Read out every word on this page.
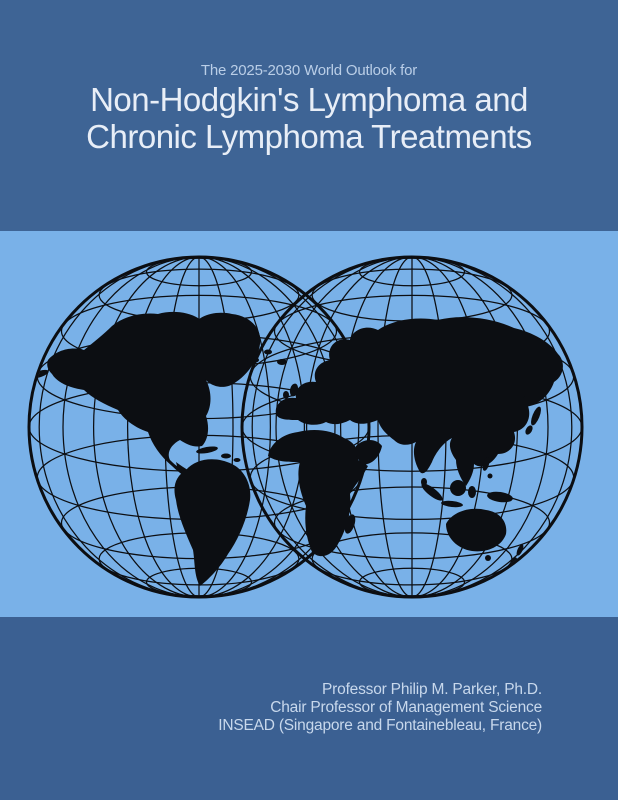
The 2025-2030 World Outlook for
Non-Hodgkin's Lymphoma and
Chronic Lymphoma Treatments
Professor Philip M. Parker, Ph.D.
Chair Professor of Management Science
INSEAD (Singapore and Fontainebleau, France)
